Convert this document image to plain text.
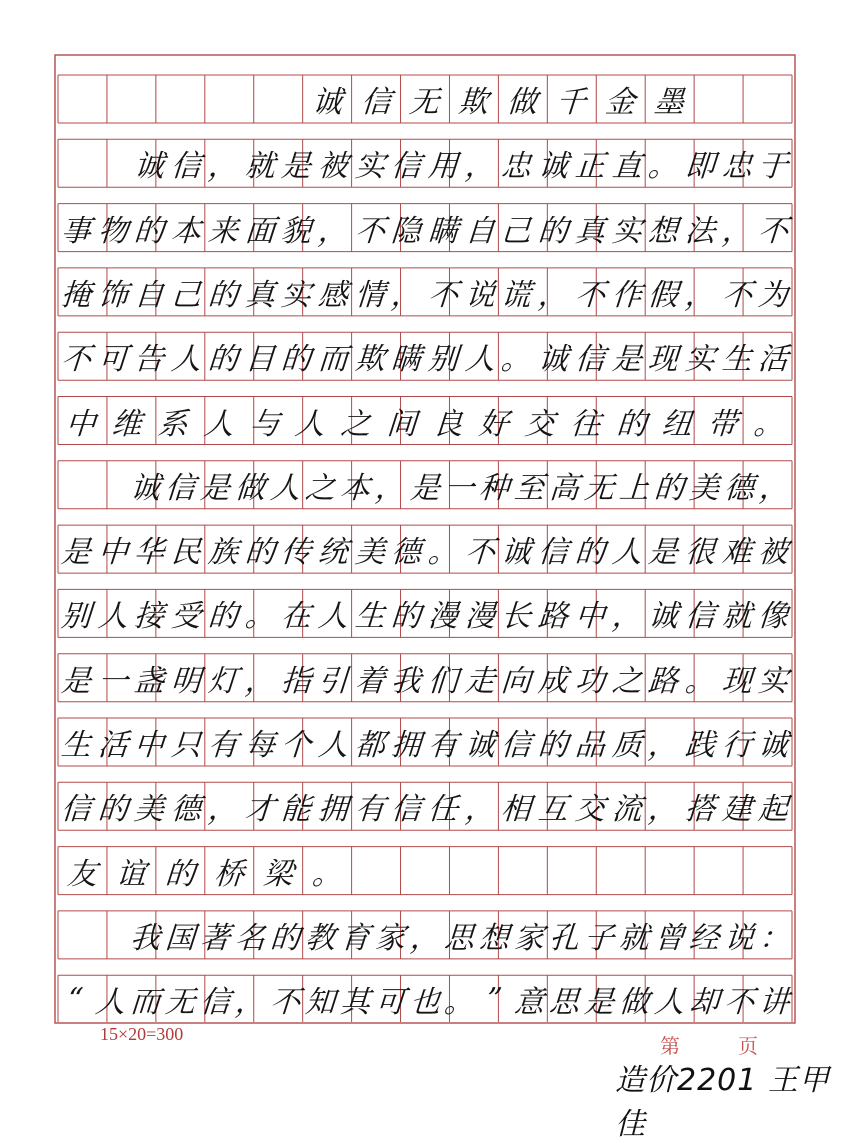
诚 信 无 欺 做 千 金 墨

诚 信 ， 就 是 被 实 信 用 ， 忠 诚 正 直 。 即 忠 于
事 物 的 本 来 面 貌 ， 不 隐 瞒 自 己 的 真 实 想 法 ， 不
掩 饰 自 己 的 真 实 感 情 ， 不 说 谎 ， 不 作 假 ， 不 为
不 可 告 人 的 目 的 而 欺 瞒 别 人 。 诚 信 是 现 实 生 活
中 维 系 人 与 人 之 间 良 好 交 往 的 纽 带 。

诚 信 是 做 人 之 本 ， 是 一 种 至 高 无 上 的 美 德 ，
是 中 华 民 族 的 传 统 美 德 。 不 诚 信 的 人 是 很 难 被
别 人 接 受 的 。 在 人 生 的 漫 漫 长 路 中 ， 诚 信 就 像
是 一 盏 明 灯 ， 指 引 着 我 们 走 向 成 功 之 路 。 现 实
生 活 中 只 有 每 个 人 都 拥 有 诚 信 的 品 质 ， 践 行 诚
信 的 美 德 ， 才 能 拥 有 信 任 ， 相 互 交 流 ， 搭 建 起
友 谊 的 桥 梁 。

我 国 著 名 的 教 育 家 ， 思 想 家 孔 子 就 曾 经 说 ：
“ 人 而 无 信 ， 不 知 其 可 也 。 ” 意 思 是 做 人 却 不 讲
15×20=300	第	页
造价2201 王甲佳
